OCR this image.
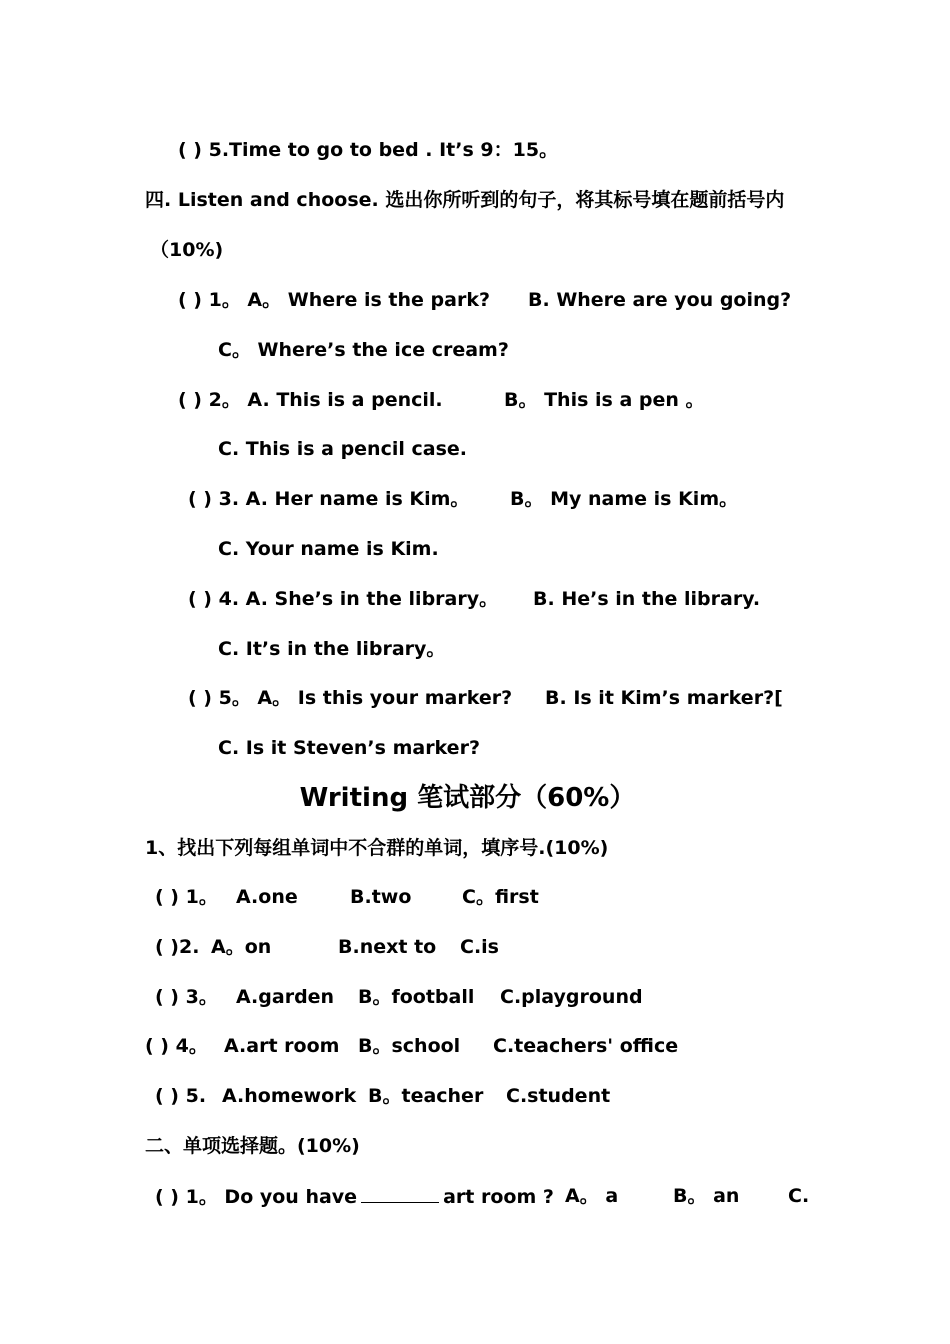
( ) 5.Time to go to bed . It’s 9：15。
四. Listen and choose. 选出你所听到的句子，将其标号填在题前括号内
（10%)
( ) 1。 A。 Where is the park? B. Where are you going?
C。 Where’s the ice cream?
( ) 2。 A. This is a pencil.	B。 This is a pen 。
C. This is a pencil case.
( ) 3. A. Her name is Kim。 B。 My name is Kim。
C. Your name is Kim.
( ) 4. A. She’s in the library。 B. He’s in the library.
C. It’s in the library。
( ) 5。 A。 Is this your marker? B. Is it Kim’s marker?[
C. Is it Steven’s marker?
Writing 笔试部分（60%）
1、找出下列每组单词中不合群的单词，填序号.(10%)
( ) 1。 A.one	B.two	C。first
( )2. A。on	B.next to C.is
( ) 3。 A.garden B。football C.playground
( ) 4。 A.art room B。school C.teachers' office
( ) 5. A.homework B。teacher C.student
二、单项选择题。(10%)
( ) 1。 Do you have	art room ? A。 a	B。 an	C.
